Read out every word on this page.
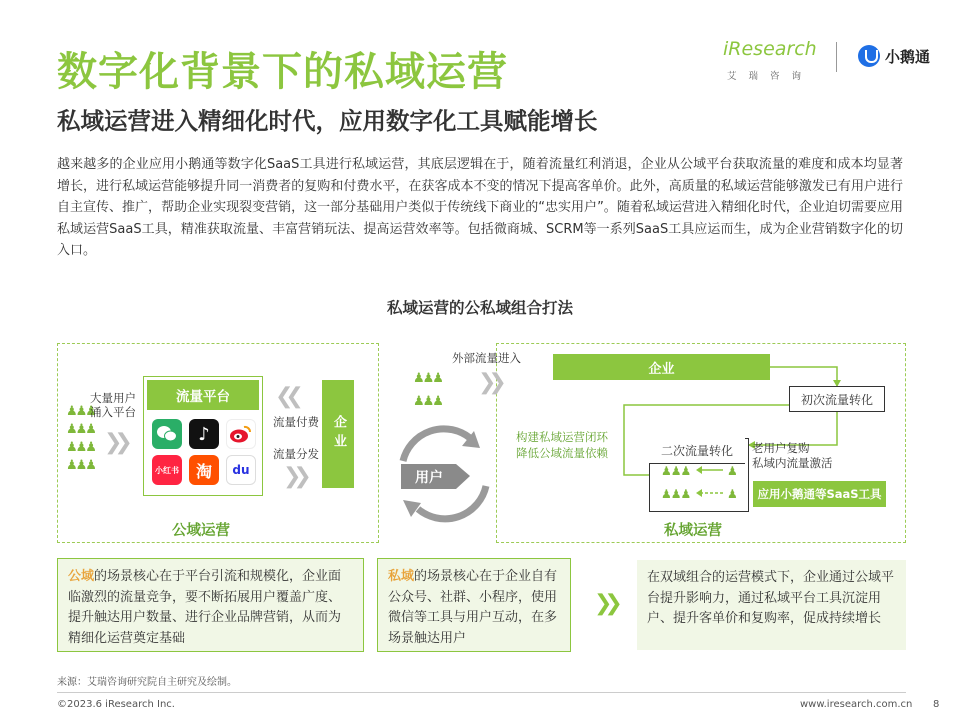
数字化背景下的私域运营
私域运营进入精细化时代，应用数字化工具赋能增长
iResearch
艾瑞咨询
小鹅通
越来越多的企业应用小鹅通等数字化SaaS工具进行私域运营，其底层逻辑在于，随着流量红利消退，企业从公域平台获取流量的难度和成本均显著增长，进行私域运营能够提升同一消费者的复购和付费水平，在获客成本不变的情况下提高客单价。此外，高质量的私域运营能够激发已有用户进行自主宣传、推广，帮助企业实现裂变营销，这一部分基础用户类似于传统线下商业的“忠实用户”。随着私域运营进入精细化时代，企业迫切需要应用私域运营SaaS工具，精准获取流量、丰富营销玩法、提高运营效率等。包括微商城、SCRM等一系列SaaS工具应运而生，成为企业营销数字化的切入口。
私域运营的公私域组合打法
♟♟♟
♟♟♟
♟♟♟
♟♟♟
大量用户
涌入平台
❯❯
流量平台
♪
小红书	淘	du
❯❯
流量付费
流量分发
❯❯
企业
公域运营
用户
外部流量进入
♟♟♟
♟♟♟
❯❯
企业
初次流量转化
构建私域运营闭环
降低公域流量依赖	二次流量转化
♟♟♟
♟♟♟
♟
♟
老用户复购
私域内流量激活
应用小鹅通等SaaS工具
私域运营
公域的场景核心在于平台引流和规模化，企业面临激烈的流量竞争，要不断拓展用户覆盖广度、提升触达用户数量、进行企业品牌营销，从而为精细化运营奠定基础
私域的场景核心在于企业自有公众号、社群、小程序，使用微信等工具与用户互动，在多场景触达用户
❯❯
在双域组合的运营模式下，企业通过公域平台提升影响力，通过私域平台工具沉淀用户、提升客单价和复购率，促成持续增长
来源：艾瑞咨询研究院自主研究及绘制。
©2023.6 iResearch Inc.	www.iresearch.com.cn 8
